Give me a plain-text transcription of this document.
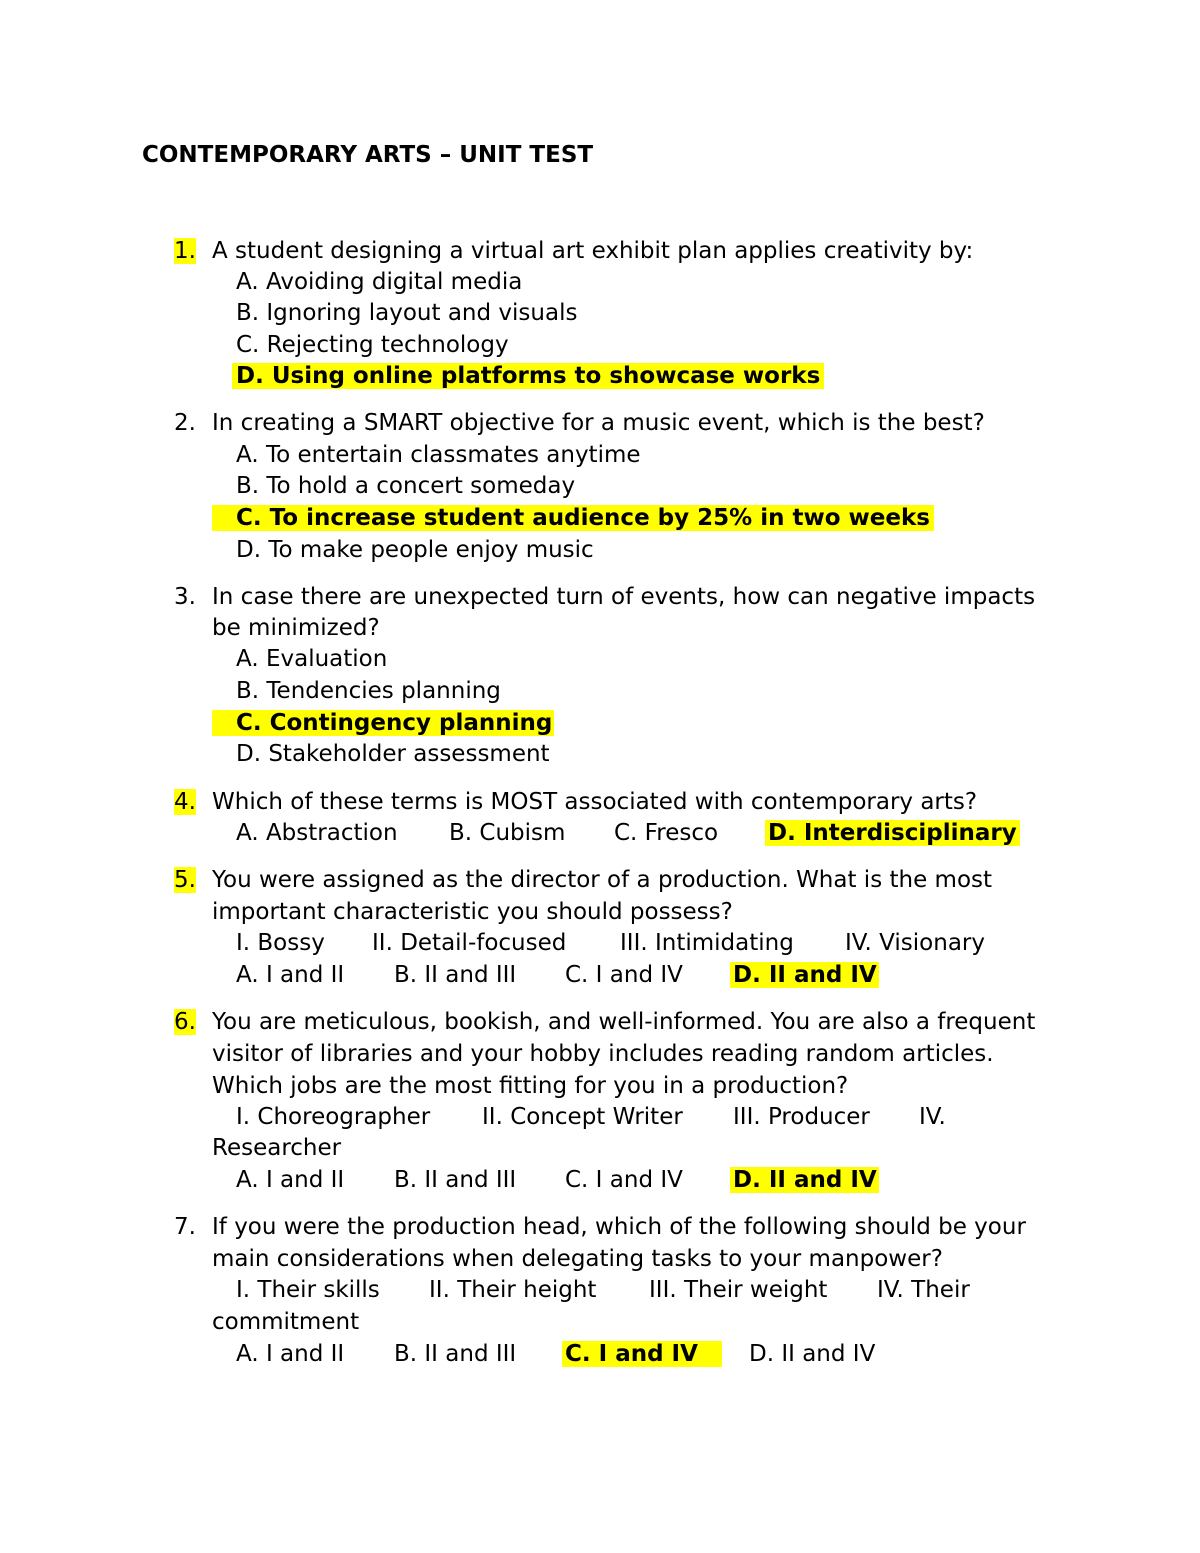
CONTEMPORARY ARTS – UNIT TEST
1. A student designing a virtual art exhibit plan applies creativity by:
A. Avoiding digital media
B. Ignoring layout and visuals
C. Rejecting technology
D. Using online platforms to showcase works
2. In creating a SMART objective for a music event, which is the best?
A. To entertain classmates anytime
B. To hold a concert someday
C. To increase student audience by 25% in two weeks
D. To make people enjoy music
3. In case there are unexpected turn of events, how can negative impacts
be minimized?
A. Evaluation
B. Tendencies planning
C. Contingency planning
D. Stakeholder assessment
4. Which of these terms is MOST associated with contemporary arts?
A. Abstraction B. Cubism C. Fresco D. Interdisciplinary
5. You were assigned as the director of a production. What is the most
important characteristic you should possess?
I. Bossy II. Detail-focused III. Intimidating IV. Visionary
A. I and II B. II and III C. I and IV D. II and IV
6. You are meticulous, bookish, and well-informed. You are also a frequent
visitor of libraries and your hobby includes reading random articles.
Which jobs are the most fitting for you in a production?
I. Choreographer II. Concept Writer III. Producer IV.
Researcher
A. I and II B. II and III C. I and IV D. II and IV
7. If you were the production head, which of the following should be your
main considerations when delegating tasks to your manpower?
I. Their skills II. Their height III. Their weight IV. Their
commitment
A. I and II B. II and III C. I and IV	D. II and IV
